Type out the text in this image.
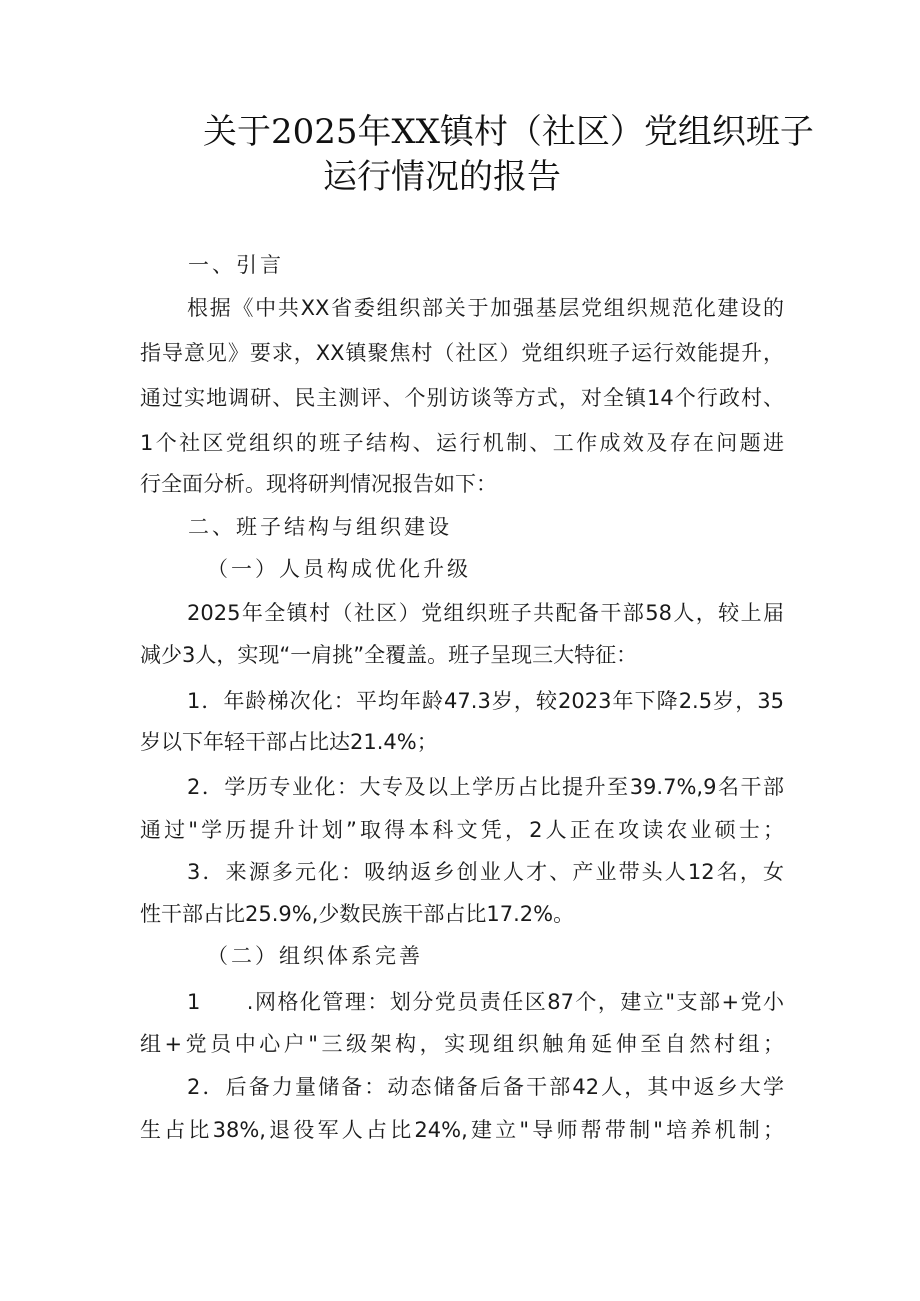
关于2025年XX镇村（社区）党组织班子
运行情况的报告
一、引言
根据《中共XX省委组织部关于加强基层党组织规范化建设的
指导意见》要求，XX镇聚焦村（社区）党组织班子运行效能提升，
通过实地调研、民主测评、个别访谈等方式，对全镇14个行政村、
1个社区党组织的班子结构、运行机制、工作成效及存在问题进
行全面分析。现将研判情况报告如下：
二、班子结构与组织建设
（一）人员构成优化升级
2025年全镇村（社区）党组织班子共配备干部58人，较上届
减少3人，实现“一肩挑”全覆盖。班子呈现三大特征：
1．年龄梯次化：平均年龄47.3岁，较2023年下降2.5岁，35
岁以下年轻干部占比达21.4%；
2．学历专业化：大专及以上学历占比提升至39.7%,9名干部
通过"学历提升计划”取得本科文凭，2人正在攻读农业硕士；
3．来源多元化：吸纳返乡创业人才、产业带头人12名，女
性干部占比25.9%,少数民族干部占比17.2%。
（二）组织体系完善
1　　.网格化管理：划分党员责任区87个，建立"支部+党小
组+党员中心户"三级架构，实现组织触角延伸至自然村组；
2．后备力量储备：动态储备后备干部42人，其中返乡大学
生占比38%,退役军人占比24%,建立"导师帮带制"培养机制；
